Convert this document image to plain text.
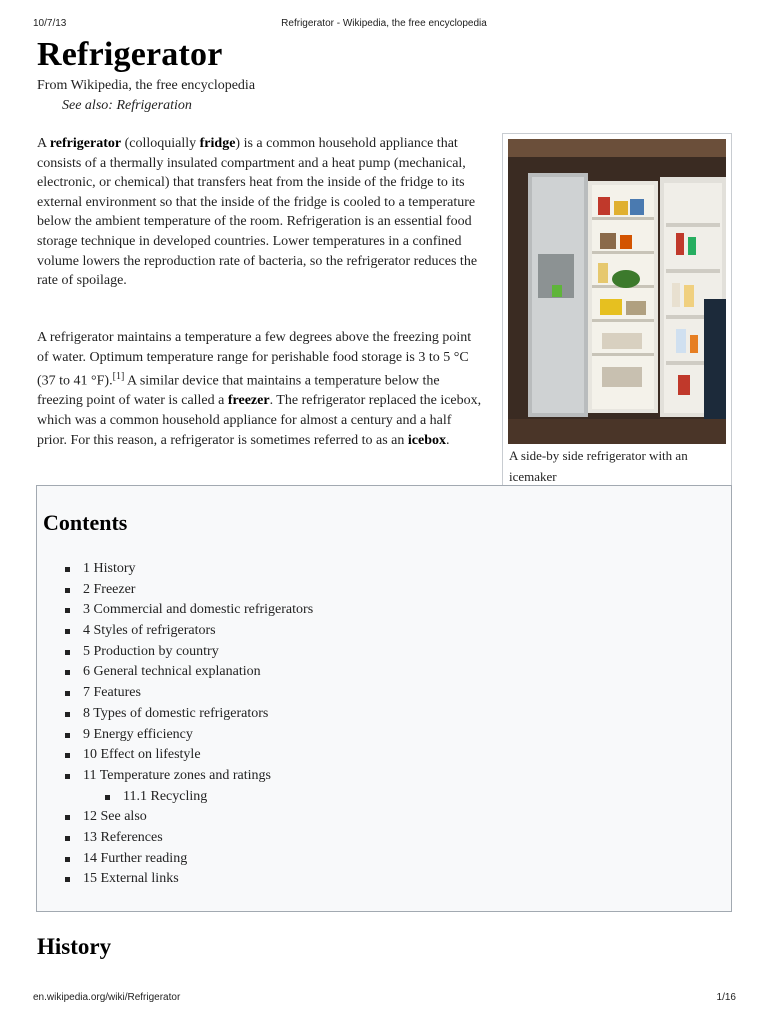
10/7/13	Refrigerator - Wikipedia, the free encyclopedia
Refrigerator
From Wikipedia, the free encyclopedia
See also: Refrigeration

A refrigerator (colloquially fridge) is a common household appliance that consists of a thermally insulated compartment and a heat pump (mechanical, electronic, or chemical) that transfers heat from the inside of the fridge to its external environment so that the inside of the fridge is cooled to a temperature below the ambient temperature of the room. Refrigeration is an essential food storage technique in developed countries. Lower temperatures in a confined volume lowers the reproduction rate of bacteria, so the refrigerator reduces the rate of spoilage.

A refrigerator maintains a temperature a few degrees above the freezing point of water. Optimum temperature range for perishable food storage is 3 to 5 °C (37 to 41 °F).[1] A similar device that maintains a temperature below the freezing point of water is called a freezer. The refrigerator replaced the icebox, which was a common household appliance for almost a century and a half prior. For this reason, a refrigerator is sometimes referred to as an icebox.

A side-by side refrigerator with an icemaker
Contents
1 History
2 Freezer
3 Commercial and domestic refrigerators
4 Styles of refrigerators
5 Production by country
6 General technical explanation
7 Features
8 Types of domestic refrigerators
9 Energy efficiency
10 Effect on lifestyle
11 Temperature zones and ratings
11.1 Recycling
12 See also
13 References
14 Further reading
15 External links
History
en.wikipedia.org/wiki/Refrigerator	1/16
